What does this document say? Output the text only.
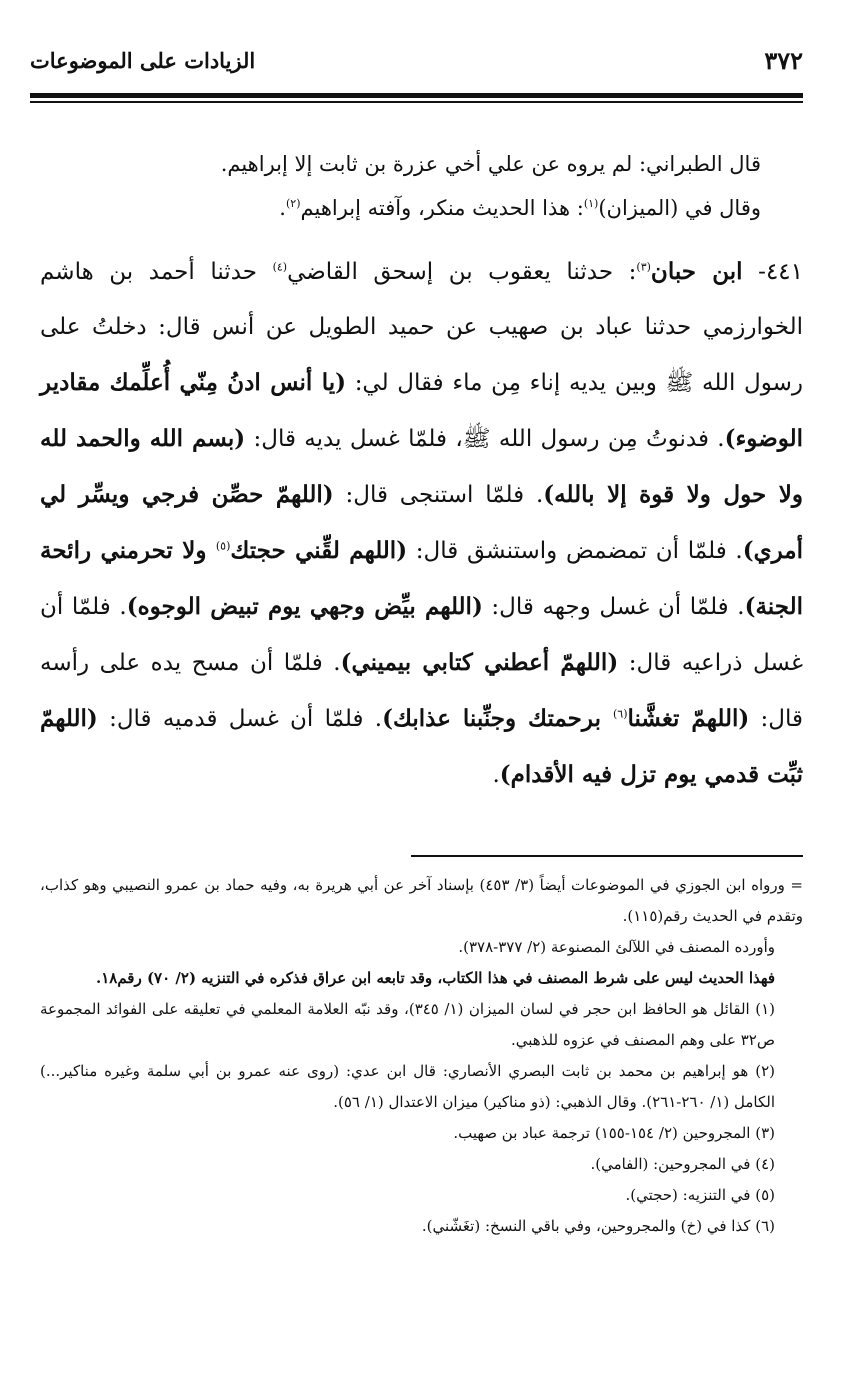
٣٧٢
الزيادات على الموضوعات
قال الطبراني: لم يروه عن علي أخي عزرة بن ثابت إلا إبراهيم.
وقال في (الميزان)$^{(١)}$: هذا الحديث منكر، وآفته إبراهيم$^{(٢)}$.

٤٤١- ابن حبان$^{(٣)}$: حدثنا يعقوب بن إسحق القاضي$^{(٤)}$ حدثنا أحمد بن هاشم الخوارزمي حدثنا عباد بن صهيب عن حميد الطويل عن أنس قال: دخلتُ على رسول الله ﷺ وبين يديه إناء مِن ماء فقال لي: (يا أنس ادنُ مِنّي أُعلِّمك مقادير الوضوء). فدنوتُ مِن رسول الله ﷺ، فلمّا غسل يديه قال: (بسم الله والحمد لله ولا حول ولا قوة إلا بالله). فلمّا استنجى قال: (اللهمّ حصِّن فرجي ويسِّر لي أمري). فلمّا أن تمضمض واستنشق قال: (اللهم لقِّني حجتك$^{(٥)}$ ولا تحرمني رائحة الجنة). فلمّا أن غسل وجهه قال: (اللهم بيِّض وجهي يوم تبيض الوجوه). فلمّا أن غسل ذراعيه قال: (اللهمّ أعطني كتابي بيميني). فلمّا أن مسح يده على رأسه قال: (اللهمّ تغشَّنا$^{(٦)}$ برحمتك وجنِّبنا عذابك). فلمّا أن غسل قدميه قال: (اللهمّ ثبِّت قدمي يوم تزل فيه الأقدام).

= ورواه ابن الجوزي في الموضوعات أيضاً (٣/ ٤٥٣) بإسناد آخر عن أبي هريرة به، وفيه حماد بن عمرو النصيبي وهو كذاب، وتقدم في الحديث رقم(١١٥).

وأورده المصنف في اللآلئ المصنوعة (٢/ ٣٧٧-٣٧٨).

فهذا الحديث ليس على شرط المصنف في هذا الكتاب، وقد تابعه ابن عراق فذكره في التنزيه (٢/ ٧٠) رقم١٨.

(١) القائل هو الحافظ ابن حجر في لسان الميزان (١/ ٣٤٥)، وقد نبّه العلامة المعلمي في تعليقه على الفوائد المجموعة ص٣٢ على وهم المصنف في عزوه للذهبي.

(٢) هو إبراهيم بن محمد بن ثابت البصري الأنصاري: قال ابن عدي: (روى عنه عمرو بن أبي سلمة وغيره مناكير...) الكامل (١/ ٢٦٠-٢٦١). وقال الذهبي: (ذو مناكير) ميزان الاعتدال (١/ ٥٦).

(٣) المجروحين (٢/ ١٥٤-١٥٥) ترجمة عباد بن صهيب.

(٤) في المجروحين: (الفامي).

(٥) في التنزيه: (حجتي).

(٦) كذا في (خ) والمجروحين، وفي باقي النسخ: (تغَشّني).
